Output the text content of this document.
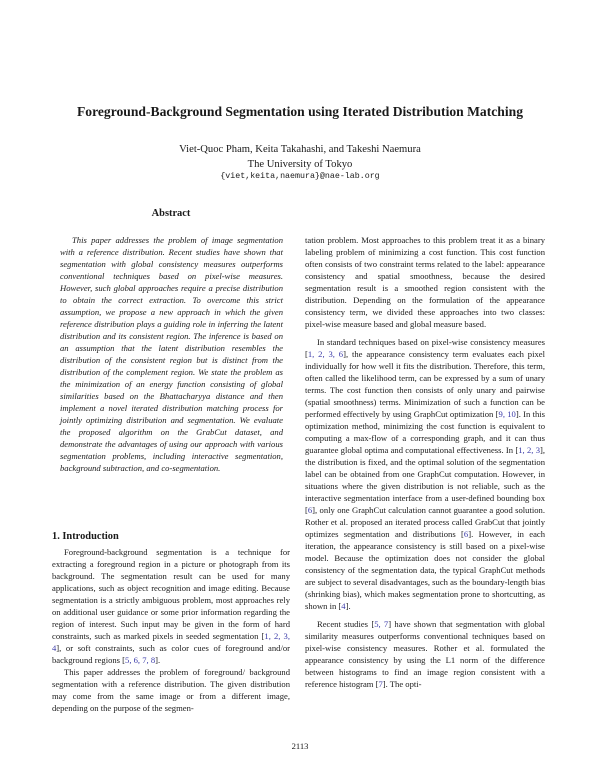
Foreground-Background Segmentation using Iterated Distribution Matching
Viet-Quoc Pham, Keita Takahashi, and Takeshi Naemura
The University of Tokyo
{viet,keita,naemura}@nae-lab.org
Abstract

This paper addresses the problem of image segmentation with a reference distribution. Recent studies have shown that segmentation with global consistency measures outperforms conventional techniques based on pixel-wise measures. However, such global approaches require a precise distribution to obtain the correct extraction. To overcome this strict assumption, we propose a new approach in which the given reference distribution plays a guiding role in inferring the latent distribution and its consistent region. The inference is based on an assumption that the latent distribution resembles the distribution of the consistent region but is distinct from the distribution of the complement region. We state the problem as the minimization of an energy function consisting of global similarities based on the Bhattacharyya distance and then implement a novel iterated distribution matching process for jointly optimizing distribution and segmentation. We evaluate the proposed algorithm on the GrabCut dataset, and demonstrate the advantages of using our approach with various segmentation problems, including interactive segmentation, background subtraction, and co-segmentation.

1. Introduction

Foreground-background segmentation is a technique for extracting a foreground region in a picture or photograph from its background. The segmentation result can be used for many applications, such as object recognition and image editing. Because segmentation is a strictly ambiguous problem, most approaches rely on additional user guidance or some prior information regarding the region of interest. Such input may be given in the form of hard constraints, such as marked pixels in seeded segmentation [1, 2, 3, 4], or soft constraints, such as color cues of foreground and/or background regions [5, 6, 7, 8].

This paper addresses the problem of foreground/ background segmentation with a reference distribution. The given distribution may come from the same image or from a different image, depending on the purpose of the segmen-

tation problem. Most approaches to this problem treat it as a binary labeling problem of minimizing a cost function. This cost function often consists of two constraint terms related to the label: appearance consistency and spatial smoothness, because the desired segmentation result is a smoothed region consistent with the distribution. Depending on the formulation of the appearance consistency term, we divided these approaches into two classes: pixel-wise measure based and global measure based.

In standard techniques based on pixel-wise consistency measures [1, 2, 3, 6], the appearance consistency term evaluates each pixel individually for how well it fits the distribution. Therefore, this term, often called the likelihood term, can be expressed by a sum of unary terms. The cost function then consists of only unary and pairwise (spatial smoothness) terms. Minimization of such a function can be performed effectively by using GraphCut optimization [9, 10]. In this optimization method, minimizing the cost function is equivalent to computing a max-flow of a corresponding graph, and it can thus guarantee global optima and computational effectiveness. In [1, 2, 3], the distribution is fixed, and the optimal solution of the segmentation label can be obtained from one GraphCut computation. However, in situations where the given distribution is not reliable, such as the interactive segmentation interface from a user-defined bounding box [6], only one GraphCut calculation cannot guarantee a good solution. Rother et al. proposed an iterated process called GrabCut that jointly optimizes segmentation and distributions [6]. However, in each iteration, the appearance consistency is still based on a pixel-wise model. Because the optimization does not consider the global consistency of the segmentation data, the typical GraphCut methods are subject to several disadvantages, such as the boundary-length bias (shrinking bias), which makes segmentation prone to shortcutting, as shown in [4].

Recent studies [5, 7] have shown that segmentation with global similarity measures outperforms conventional techniques based on pixel-wise consistency measures. Rother et al. formulated the appearance consistency by using the L1 norm of the difference between histograms to find an image region consistent with a reference histogram [7]. The opti-

2113
